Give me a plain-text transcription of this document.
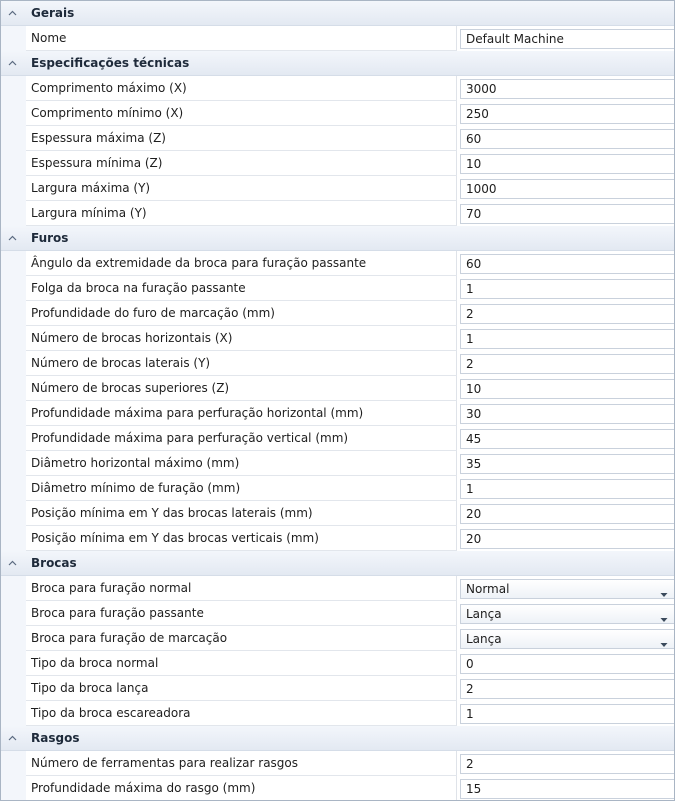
Gerais
Nome	Default Machine
Especificações técnicas
Comprimento máximo (X)	3000
Comprimento mínimo (X)	250
Espessura máxima (Z)	60
Espessura mínima (Z)	10
Largura máxima (Y)	1000
Largura mínima (Y)	70
Furos
Ângulo da extremidade da broca para furação passante	60
Folga da broca na furação passante	1
Profundidade do furo de marcação (mm)	2
Número de brocas horizontais (X)	1
Número de brocas laterais (Y)	2
Número de brocas superiores (Z)	10
Profundidade máxima para perfuração horizontal (mm)	30
Profundidade máxima para perfuração vertical (mm)	45
Diâmetro horizontal máximo (mm)	35
Diâmetro mínimo de furação (mm)	1
Posição mínima em Y das brocas laterais (mm)	20
Posição mínima em Y das brocas verticais (mm)	20
Brocas
Broca para furação normal	Normal
Broca para furação passante	Lança
Broca para furação de marcação	Lança
Tipo da broca normal	0
Tipo da broca lança	2
Tipo da broca escareadora	1
Rasgos
Número de ferramentas para realizar rasgos	2
Profundidade máxima do rasgo (mm)	15
